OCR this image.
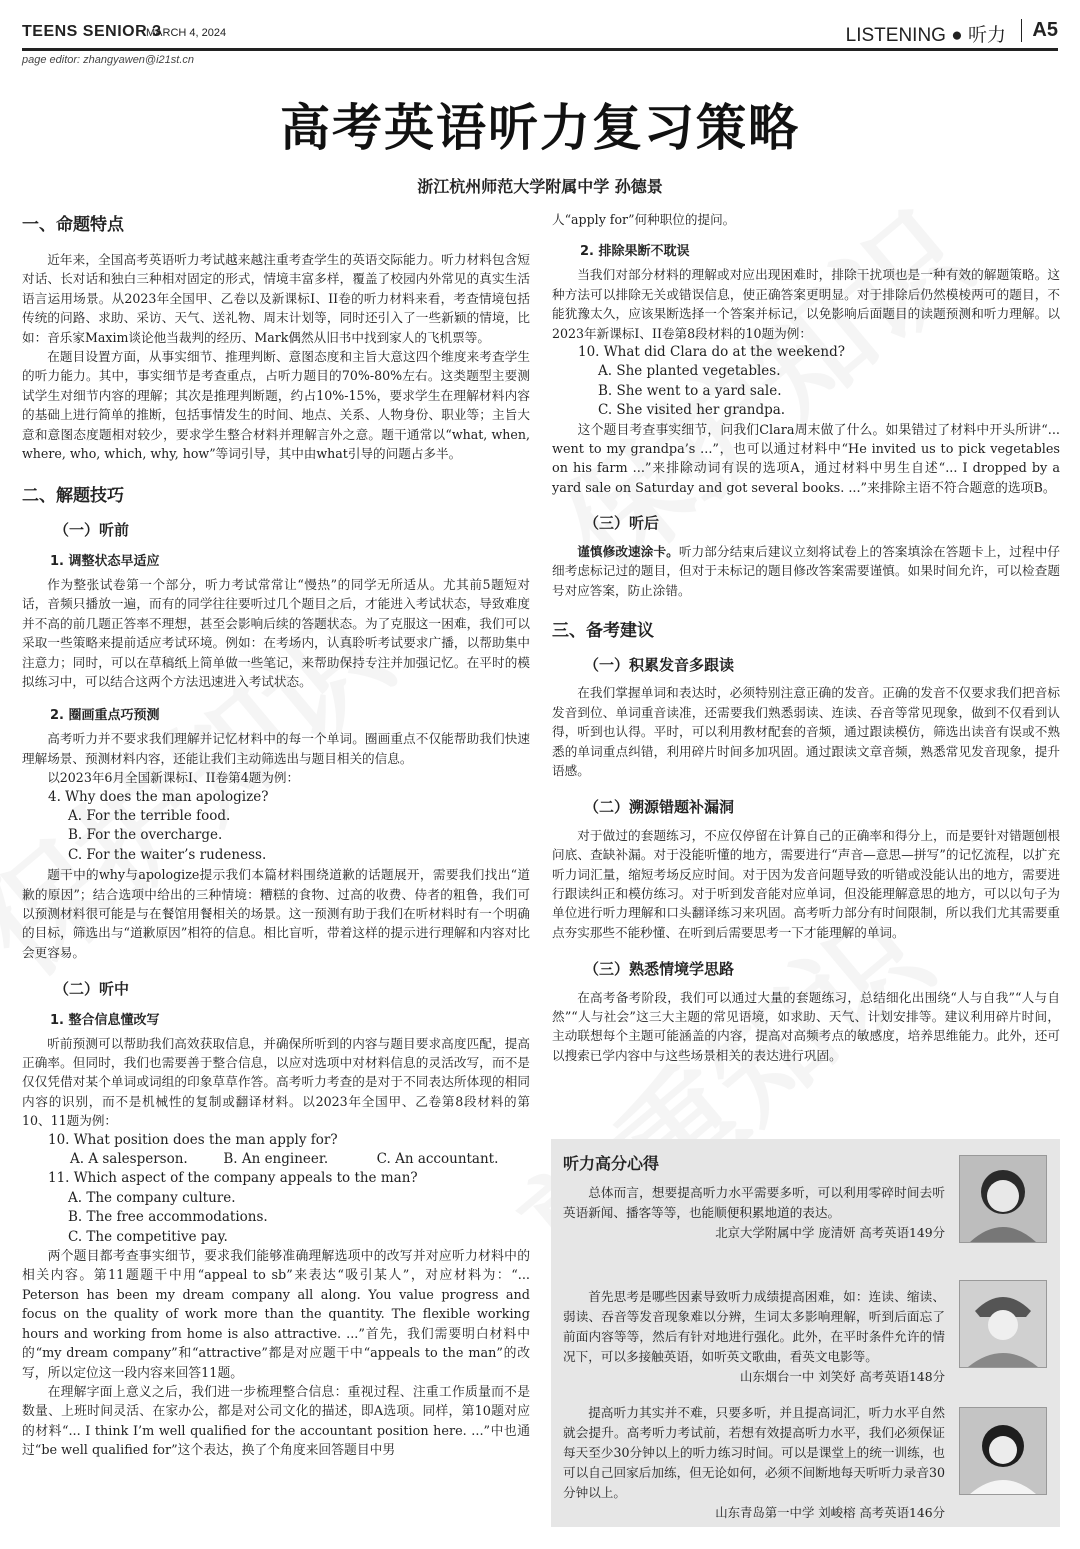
TEENS SENIOR 3
MARCH 4, 2024	LISTENING ● 听力	A5
page editor: zhangyawen@i21st.cn
高考英语听力复习策略
浙江杭州师范大学附属中学 孙德景
一、命题特点

近年来，全国高考英语听力考试越来越注重考查学生的英语交际能力。听力材料包含短对话、长对话和独白三种相对固定的形式，情境丰富多样，覆盖了校园内外常见的真实生活语言运用场景。从2023年全国甲、乙卷以及新课标I、II卷的听力材料来看，考查情境包括传统的问路、求助、采访、天气、送礼物、周末计划等，同时还引入了一些新颖的情境，比如：音乐家Maxim谈论他当裁判的经历、Mark偶然从旧书中找到家人的飞机票等。

在题目设置方面，从事实细节、推理判断、意图态度和主旨大意这四个维度来考查学生的听力能力。其中，事实细节是考查重点，占听力题目的70%-80%左右。这类题型主要测试学生对细节内容的理解；其次是推理判断题，约占10%-15%，要求学生在理解材料内容的基础上进行简单的推断，包括事情发生的时间、地点、关系、人物身份、职业等；主旨大意和意图态度题相对较少，要求学生整合材料并理解言外之意。题干通常以“what, when, where, who, which, why, how”等词引导，其中由what引导的问题占多半。

二、解题技巧
（一）听前
1. 调整状态早适应

作为整张试卷第一个部分，听力考试常常让“慢热”的同学无所适从。尤其前5题短对话，音频只播放一遍，而有的同学往往要听过几个题目之后，才能进入考试状态，导致难度并不高的前几题正答率不理想，甚至会影响后续的答题状态。为了克服这一困难，我们可以采取一些策略来提前适应考试环境。例如：在考场内，认真聆听考试要求广播，以帮助集中注意力；同时，可以在草稿纸上简单做一些笔记，来帮助保持专注并加强记忆。在平时的模拟练习中，可以结合这两个方法迅速进入考试状态。

2. 圈画重点巧预测

高考听力并不要求我们理解并记忆材料中的每一个单词。圈画重点不仅能帮助我们快速理解场景、预测材料内容，还能让我们主动筛选出与题目相关的信息。

以2023年6月全国新课标I、II卷第4题为例：

4. Why does the man apologize?

A. For the terrible food.

B. For the overcharge.

C. For the waiter’s rudeness.

题干中的why与apologize提示我们本篇材料围绕道歉的话题展开，需要我们找出“道歉的原因”；结合选项中给出的三种情境：糟糕的食物、过高的收费、侍者的粗鲁，我们可以预测材料很可能是与在餐馆用餐相关的场景。这一预测有助于我们在听材料时有一个明确的目标，筛选出与“道歉原因”相符的信息。相比盲听，带着这样的提示进行理解和内容对比会更容易。

（二）听中
1. 整合信息懂改写

听前预测可以帮助我们高效获取信息，并确保所听到的内容与题目要求高度匹配，提高正确率。但同时，我们也需要善于整合信息，以应对选项中对材料信息的灵活改写，而不是仅仅凭借对某个单词或词组的印象草草作答。高考听力考查的是对于不同表达所体现的相同内容的识别，而不是机械性的复制或翻译材料。以2023年全国甲、乙卷第8段材料的第10、11题为例：

10. What position does the man apply for?

A. A salesperson.	B. An engineer.	C. An accountant.

11. Which aspect of the company appeals to the man?

A. The company culture.

B. The free accommodations.

C. The competitive pay.

两个题目都考查事实细节，要求我们能够准确理解选项中的改写并对应听力材料中的相关内容。第11题题干中用“appeal to sb”来表达“吸引某人”，对应材料为：“... Peterson has been my dream company all along. You value progress and focus on the quality of work more than the quantity. The flexible working hours and working from home is also attractive. ...”首先，我们需要明白材料中的“my dream company”和“attractive”都是对应题干中“appeals to the man”的改写，所以定位这一段内容来回答11题。

在理解字面上意义之后，我们进一步梳理整合信息：重视过程、注重工作质量而不是数量、上班时间灵活、在家办公，都是对公司文化的描述，即A选项。同样，第10题对应的材料“... I think I’m well qualified for the accountant position here. ...”中也通过“be well qualified for”这个表达，换了个角度来回答题目中男

人“apply for”何种职位的提问。

2. 排除果断不耽误

当我们对部分材料的理解或对应出现困难时，排除干扰项也是一种有效的解题策略。这种方法可以排除无关或错误信息，使正确答案更明显。对于排除后仍然模棱两可的题目，不能犹豫太久，应该果断选择一个答案并标记，以免影响后面题目的读题预测和听力理解。以2023年新课标I、II卷第8段材料的10题为例：

10. What did Clara do at the weekend?

A. She planted vegetables.

B. She went to a yard sale.

C. She visited her grandpa.

这个题目考查事实细节，问我们Clara周末做了什么。如果错过了材料中开头所讲“... went to my grandpa’s ...”，也可以通过材料中“He invited us to pick vegetables on his farm ...”来排除动词有误的选项A，通过材料中男生自述“... I dropped by a yard sale on Saturday and got several books. ...”来排除主语不符合题意的选项B。

（三）听后

谨慎修改速涂卡。听力部分结束后建议立刻将试卷上的答案填涂在答题卡上，过程中仔细考虑标记过的题目，但对于未标记的题目修改答案需要谨慎。如果时间允许，可以检查题号对应答案，防止涂错。

三、备考建议
（一）积累发音多跟读

在我们掌握单词和表达时，必须特别注意正确的发音。正确的发音不仅要求我们把音标发音到位、单词重音读准，还需要我们熟悉弱读、连读、吞音等常见现象，做到不仅看到认得，听到也认得。平时，可以利用教材配套的音频，通过跟读模仿，筛选出读音有误或不熟悉的单词重点纠错，利用碎片时间多加巩固。通过跟读文章音频，熟悉常见发音现象，提升语感。

（二）溯源错题补漏洞

对于做过的套题练习，不应仅停留在计算自己的正确率和得分上，而是要针对错题刨根问底、查缺补漏。对于没能听懂的地方，需要进行“声音—意思—拼写”的记忆流程，以扩充听力词汇量，缩短考场反应时间。对于因为发音问题导致的听错或没能认出的地方，需要进行跟读纠正和模仿练习。对于听到发音能对应单词，但没能理解意思的地方，可以以句子为单位进行听力理解和口头翻译练习来巩固。高考听力部分有时间限制，所以我们尤其需要重点夯实那些不能秒懂、在听到后需要思考一下才能理解的单词。

（三）熟悉情境学思路

在高考备考阶段，我们可以通过大量的套题练习，总结细化出围绕“人与自我”“人与自然”“人与社会”这三大主题的常见语境，如求助、天气、计划安排等。建议利用碎片时间，主动联想每个主题可能涵盖的内容，提高对高频考点的敏感度，培养思维能力。此外，还可以搜索已学内容中与这些场景相关的表达进行巩固。

听力高分心得

总体而言，想要提高听力水平需要多听，可以利用零碎时间去听英语新闻、播客等等，也能顺便积累地道的表达。

北京大学附属中学 庞清妍 高考英语149分

首先思考是哪些因素导致听力成绩提高困难，如：连读、缩读、弱读、吞音等发音现象难以分辨，生词太多影响理解，听到后面忘了前面内容等等，然后有针对地进行强化。此外，在平时条件允许的情况下，可以多接触英语，如听英文歌曲，看英文电影等。

山东烟台一中 刘笑妤 高考英语148分

提高听力其实并不难，只要多听，并且提高词汇，听力水平自然就会提升。高考听力考试前，若想有效提高听力水平，我们必须保证每天至少30分钟以上的听力练习时间。可以是课堂上的统一训练，也可以自己回家后加练，但无论如何，必须不间断地每天听听力录音30分钟以上。

山东青岛第一中学 刘峻榕 高考英语146分
